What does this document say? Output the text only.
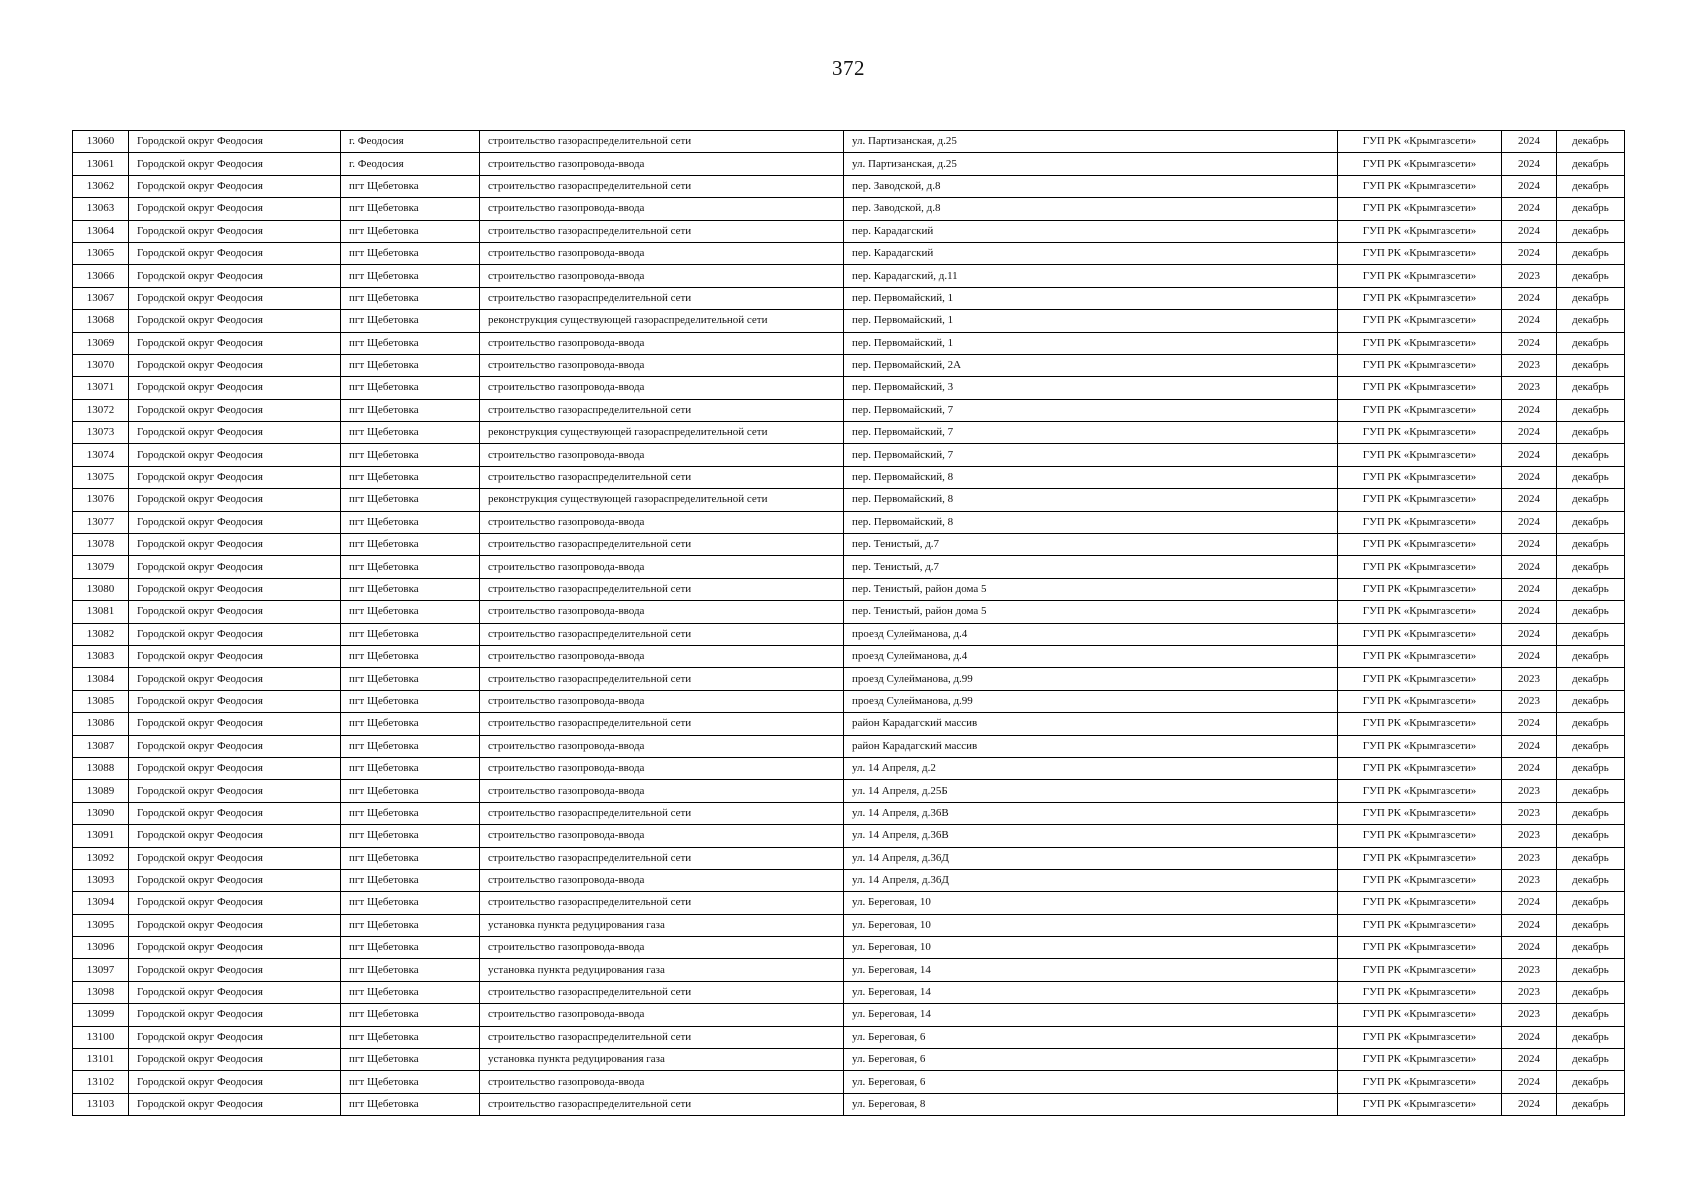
372
13060	Городской округ Феодосия	г. Феодосия	строительство газораспределительной сети	ул. Партизанская, д.25	ГУП РК «Крымгазсети»	2024	декабрь
13061	Городской округ Феодосия	г. Феодосия	строительство газопровода-ввода	ул. Партизанская, д.25	ГУП РК «Крымгазсети»	2024	декабрь
13062	Городской округ Феодосия	пгт Щебетовка	строительство газораспределительной сети	пер. Заводской, д.8	ГУП РК «Крымгазсети»	2024	декабрь
13063	Городской округ Феодосия	пгт Щебетовка	строительство газопровода-ввода	пер. Заводской, д.8	ГУП РК «Крымгазсети»	2024	декабрь
13064	Городской округ Феодосия	пгт Щебетовка	строительство газораспределительной сети	пер. Карадагский	ГУП РК «Крымгазсети»	2024	декабрь
13065	Городской округ Феодосия	пгт Щебетовка	строительство газопровода-ввода	пер. Карадагский	ГУП РК «Крымгазсети»	2024	декабрь
13066	Городской округ Феодосия	пгт Щебетовка	строительство газопровода-ввода	пер. Карадагский, д.11	ГУП РК «Крымгазсети»	2023	декабрь
13067	Городской округ Феодосия	пгт Щебетовка	строительство газораспределительной сети	пер. Первомайский, 1	ГУП РК «Крымгазсети»	2024	декабрь
13068	Городской округ Феодосия	пгт Щебетовка	реконструкция существующей газораспределительной сети	пер. Первомайский, 1	ГУП РК «Крымгазсети»	2024	декабрь
13069	Городской округ Феодосия	пгт Щебетовка	строительство газопровода-ввода	пер. Первомайский, 1	ГУП РК «Крымгазсети»	2024	декабрь
13070	Городской округ Феодосия	пгт Щебетовка	строительство газопровода-ввода	пер. Первомайский, 2А	ГУП РК «Крымгазсети»	2023	декабрь
13071	Городской округ Феодосия	пгт Щебетовка	строительство газопровода-ввода	пер. Первомайский, 3	ГУП РК «Крымгазсети»	2023	декабрь
13072	Городской округ Феодосия	пгт Щебетовка	строительство газораспределительной сети	пер. Первомайский, 7	ГУП РК «Крымгазсети»	2024	декабрь
13073	Городской округ Феодосия	пгт Щебетовка	реконструкция существующей газораспределительной сети	пер. Первомайский, 7	ГУП РК «Крымгазсети»	2024	декабрь
13074	Городской округ Феодосия	пгт Щебетовка	строительство газопровода-ввода	пер. Первомайский, 7	ГУП РК «Крымгазсети»	2024	декабрь
13075	Городской округ Феодосия	пгт Щебетовка	строительство газораспределительной сети	пер. Первомайский, 8	ГУП РК «Крымгазсети»	2024	декабрь
13076	Городской округ Феодосия	пгт Щебетовка	реконструкция существующей газораспределительной сети	пер. Первомайский, 8	ГУП РК «Крымгазсети»	2024	декабрь
13077	Городской округ Феодосия	пгт Щебетовка	строительство газопровода-ввода	пер. Первомайский, 8	ГУП РК «Крымгазсети»	2024	декабрь
13078	Городской округ Феодосия	пгт Щебетовка	строительство газораспределительной сети	пер. Тенистый, д.7	ГУП РК «Крымгазсети»	2024	декабрь
13079	Городской округ Феодосия	пгт Щебетовка	строительство газопровода-ввода	пер. Тенистый, д.7	ГУП РК «Крымгазсети»	2024	декабрь
13080	Городской округ Феодосия	пгт Щебетовка	строительство газораспределительной сети	пер. Тенистый, район дома 5	ГУП РК «Крымгазсети»	2024	декабрь
13081	Городской округ Феодосия	пгт Щебетовка	строительство газопровода-ввода	пер. Тенистый, район дома 5	ГУП РК «Крымгазсети»	2024	декабрь
13082	Городской округ Феодосия	пгт Щебетовка	строительство газораспределительной сети	проезд Сулейманова, д.4	ГУП РК «Крымгазсети»	2024	декабрь
13083	Городской округ Феодосия	пгт Щебетовка	строительство газопровода-ввода	проезд Сулейманова, д.4	ГУП РК «Крымгазсети»	2024	декабрь
13084	Городской округ Феодосия	пгт Щебетовка	строительство газораспределительной сети	проезд Сулейманова, д.99	ГУП РК «Крымгазсети»	2023	декабрь
13085	Городской округ Феодосия	пгт Щебетовка	строительство газопровода-ввода	проезд Сулейманова, д.99	ГУП РК «Крымгазсети»	2023	декабрь
13086	Городской округ Феодосия	пгт Щебетовка	строительство газораспределительной сети	район Карадагский массив	ГУП РК «Крымгазсети»	2024	декабрь
13087	Городской округ Феодосия	пгт Щебетовка	строительство газопровода-ввода	район Карадагский массив	ГУП РК «Крымгазсети»	2024	декабрь
13088	Городской округ Феодосия	пгт Щебетовка	строительство газопровода-ввода	ул. 14 Апреля, д.2	ГУП РК «Крымгазсети»	2024	декабрь
13089	Городской округ Феодосия	пгт Щебетовка	строительство газопровода-ввода	ул. 14 Апреля, д.25Б	ГУП РК «Крымгазсети»	2023	декабрь
13090	Городской округ Феодосия	пгт Щебетовка	строительство газораспределительной сети	ул. 14 Апреля, д.36В	ГУП РК «Крымгазсети»	2023	декабрь
13091	Городской округ Феодосия	пгт Щебетовка	строительство газопровода-ввода	ул. 14 Апреля, д.36В	ГУП РК «Крымгазсети»	2023	декабрь
13092	Городской округ Феодосия	пгт Щебетовка	строительство газораспределительной сети	ул. 14 Апреля, д.36Д	ГУП РК «Крымгазсети»	2023	декабрь
13093	Городской округ Феодосия	пгт Щебетовка	строительство газопровода-ввода	ул. 14 Апреля, д.36Д	ГУП РК «Крымгазсети»	2023	декабрь
13094	Городской округ Феодосия	пгт Щебетовка	строительство газораспределительной сети	ул. Береговая, 10	ГУП РК «Крымгазсети»	2024	декабрь
13095	Городской округ Феодосия	пгт Щебетовка	установка пункта редуцирования газа	ул. Береговая, 10	ГУП РК «Крымгазсети»	2024	декабрь
13096	Городской округ Феодосия	пгт Щебетовка	строительство газопровода-ввода	ул. Береговая, 10	ГУП РК «Крымгазсети»	2024	декабрь
13097	Городской округ Феодосия	пгт Щебетовка	установка пункта редуцирования газа	ул. Береговая, 14	ГУП РК «Крымгазсети»	2023	декабрь
13098	Городской округ Феодосия	пгт Щебетовка	строительство газораспределительной сети	ул. Береговая, 14	ГУП РК «Крымгазсети»	2023	декабрь
13099	Городской округ Феодосия	пгт Щебетовка	строительство газопровода-ввода	ул. Береговая, 14	ГУП РК «Крымгазсети»	2023	декабрь
13100	Городской округ Феодосия	пгт Щебетовка	строительство газораспределительной сети	ул. Береговая, 6	ГУП РК «Крымгазсети»	2024	декабрь
13101	Городской округ Феодосия	пгт Щебетовка	установка пункта редуцирования газа	ул. Береговая, 6	ГУП РК «Крымгазсети»	2024	декабрь
13102	Городской округ Феодосия	пгт Щебетовка	строительство газопровода-ввода	ул. Береговая, 6	ГУП РК «Крымгазсети»	2024	декабрь
13103	Городской округ Феодосия	пгт Щебетовка	строительство газораспределительной сети	ул. Береговая, 8	ГУП РК «Крымгазсети»	2024	декабрь
